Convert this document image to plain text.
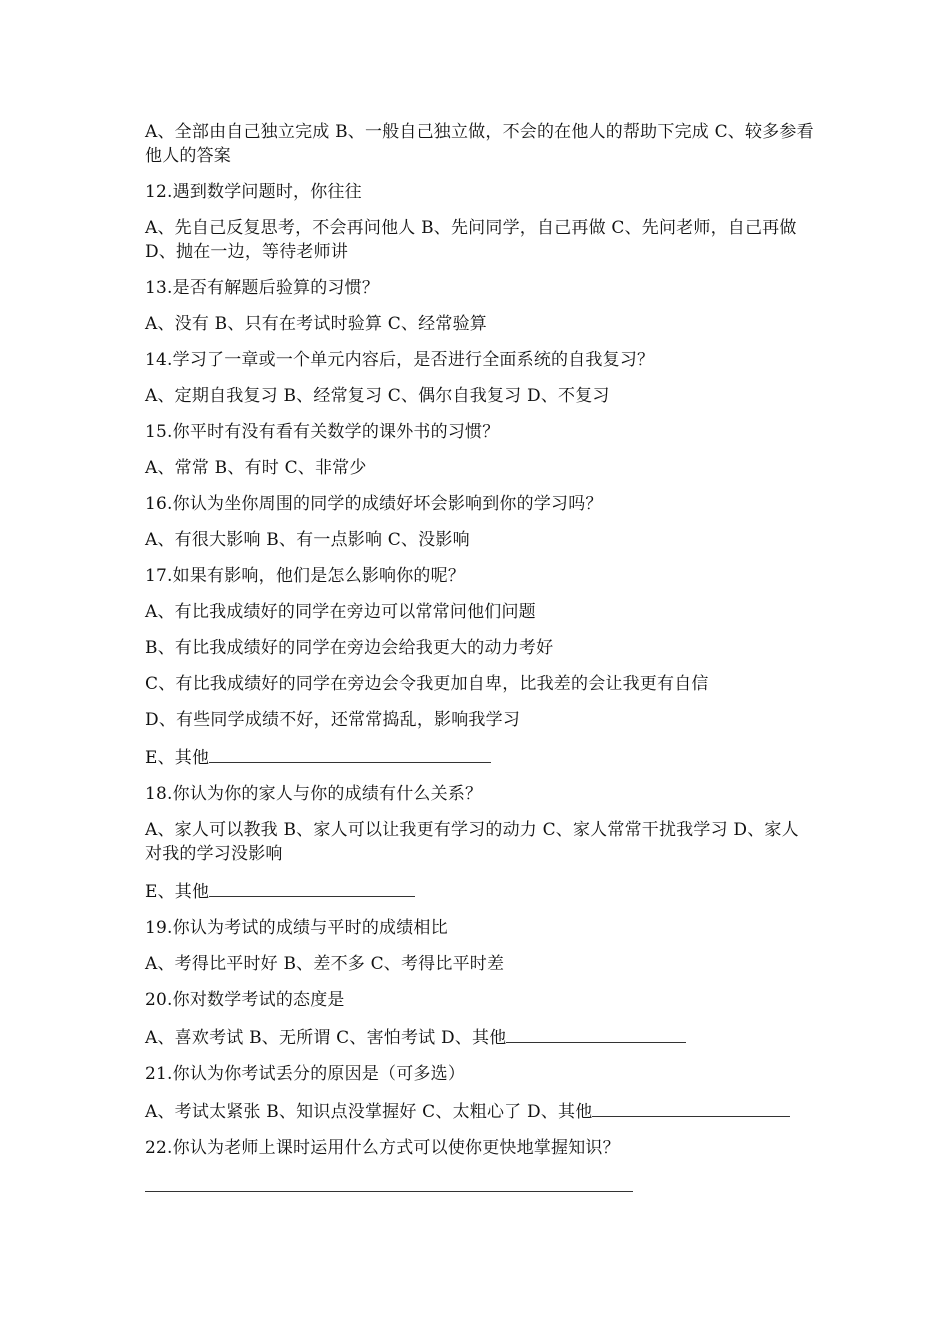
A、全部由自己独立完成 B、一般自己独立做，不会的在他人的帮助下完成 C、较多参看他人的答案

12.遇到数学问题时，你往往

A、先自己反复思考，不会再问他人 B、先问同学，自己再做 C、先问老师，自己再做 D、抛在一边，等待老师讲

13.是否有解题后验算的习惯？

A、没有 B、只有在考试时验算 C、经常验算

14.学习了一章或一个单元内容后，是否进行全面系统的自我复习？

A、定期自我复习 B、经常复习 C、偶尔自我复习 D、不复习

15.你平时有没有看有关数学的课外书的习惯？

A、常常 B、有时 C、非常少

16.你认为坐你周围的同学的成绩好坏会影响到你的学习吗？

A、有很大影响 B、有一点影响 C、没影响

17.如果有影响，他们是怎么影响你的呢？

A、有比我成绩好的同学在旁边可以常常问他们问题

B、有比我成绩好的同学在旁边会给我更大的动力考好

C、有比我成绩好的同学在旁边会令我更加自卑，比我差的会让我更有自信

D、有些同学成绩不好，还常常捣乱，影响我学习

E、其他

18.你认为你的家人与你的成绩有什么关系？

A、家人可以教我 B、家人可以让我更有学习的动力 C、家人常常干扰我学习 D、家人对我的学习没影响

E、其他

19.你认为考试的成绩与平时的成绩相比

A、考得比平时好 B、差不多 C、考得比平时差

20.你对数学考试的态度是

A、喜欢考试 B、无所谓 C、害怕考试 D、其他

21.你认为你考试丢分的原因是（可多选）

A、考试太紧张 B、知识点没掌握好 C、太粗心了 D、其他

22.你认为老师上课时运用什么方式可以使你更快地掌握知识？
